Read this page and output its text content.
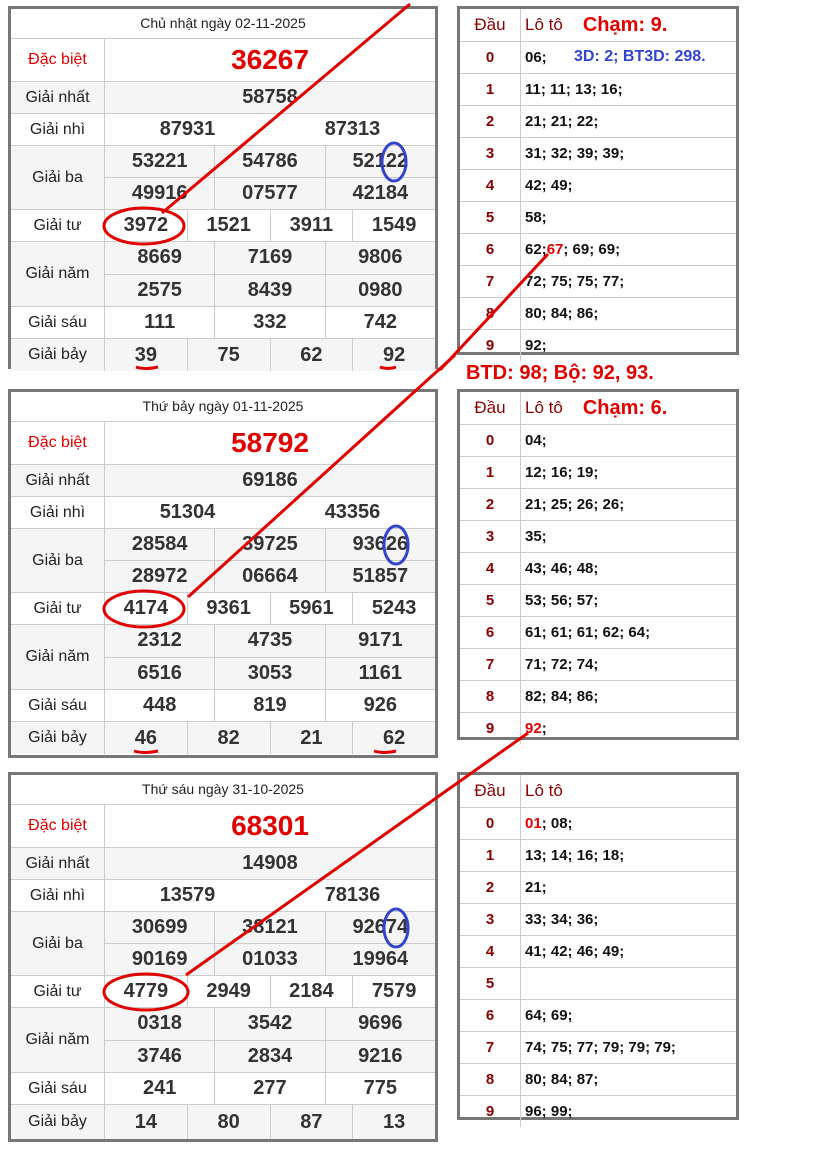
Chủ nhật ngày 02-11-2025
Đặc biệt	36267
Giải nhất	58758
Giải nhì	87931	87313
Giải ba
53221	54786	52122
49916	07577	42184
Giải tư	3972	1521	3911	1549
Giải năm
8669	7169	9806
2575	8439	0980
Giải sáu	111	332	742
Giải bảy	39	75	62	92
Đầu	Lô tô Chạm: 9.
0	06;
1	11; 11; 13; 16;
2	21; 21; 22;
3	31; 32; 39; 39;
4	42; 49;
5	58;
6	62; 67 ; 69; 69;
7	72; 75; 75; 77;
8	80; 84; 86;
9	92;
3D: 2; BT3D: 298.
BTD: 98; Bộ: 92, 93.
Thứ bảy ngày 01-11-2025
Đặc biệt	58792
Giải nhất	69186
Giải nhì	51304	43356
Giải ba
28584	39725	93626
28972	06664	51857
Giải tư	4174	9361	5961	5243
Giải năm
2312	4735	9171
6516	3053	1161
Giải sáu	448	819	926
Giải bảy	46	82	21	62
Đầu	Lô tô Chạm: 6.
0	04;
1	12; 16; 19;
2	21; 25; 26; 26;
3	35;
4	43; 46; 48;
5	53; 56; 57;
6	61; 61; 61; 62; 64;
7	71; 72; 74;
8	82; 84; 86;
9	92 ;
Thứ sáu ngày 31-10-2025
Đặc biệt	68301
Giải nhất	14908
Giải nhì	13579	78136
Giải ba
30699	38121	92674
90169	01033	19964
Giải tư	4779	2949	2184	7579
Giải năm
0318	3542	9696
3746	2834	9216
Giải sáu	241	277	775
Giải bảy	14	80	87	13
Đầu	Lô tô
0	01 ; 08;
1	13; 14; 16; 18;
2	21;
3	33; 34; 36;
4	41; 42; 46; 49;
5
6	64; 69;
7	74; 75; 77; 79; 79; 79;
8	80; 84; 87;
9	96; 99;
